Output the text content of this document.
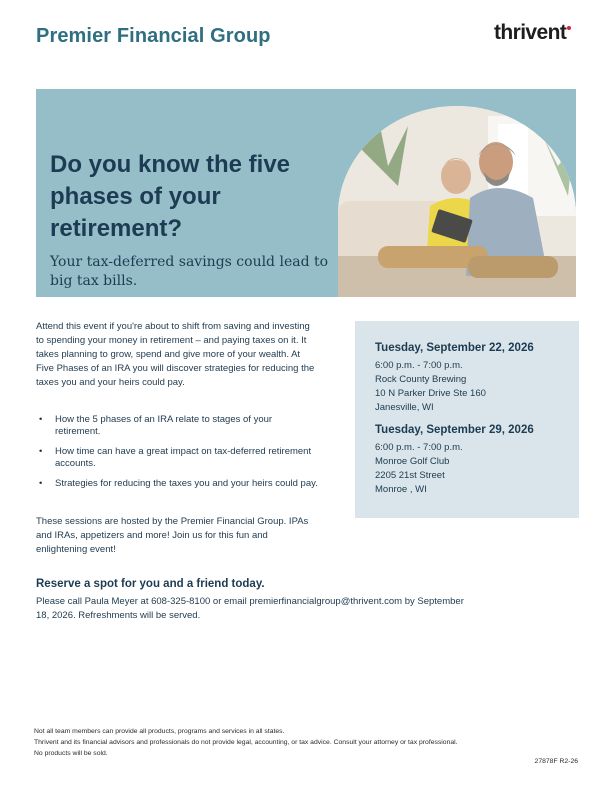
Premier Financial Group	thrivent
Do you know the five phases of your retirement?

Your tax-deferred savings could lead to big tax bills.

Attend this event if you're about to shift from saving and investing to spending your money in retirement – and paying taxes on it. It takes planning to grow, spend and give more of your wealth. At Five Phases of an IRA you will discover strategies for reducing the taxes you and your heirs could pay.

• How the 5 phases of an IRA relate to stages of your retirement.
• How time can have a great impact on tax-deferred retirement accounts.
• Strategies for reducing the taxes you and your heirs could pay.

These sessions are hosted by the Premier Financial Group. IPAs and IRAs, appetizers and more! Join us for this fun and enlightening event!

Tuesday, September 22, 2026

6:00 p.m. - 7:00 p.m.

Rock County Brewing

10 N Parker Drive Ste 160

Janesville, WI

Tuesday, September 29, 2026

6:00 p.m. - 7:00 p.m.

Monroe Golf Club

2205 21st Street

Monroe , WI

Reserve a spot for you and a friend today.

Please call Paula Meyer at 608-325-8100 or email premierfinancialgroup@thrivent.com by September 18, 2026. Refreshments will be served.

Not all team members can provide all products, programs and services in all states.
Thrivent and its financial advisors and professionals do not provide legal, accounting, or tax advice. Consult your attorney or tax professional.
No products will be sold.

27878F R2-26
